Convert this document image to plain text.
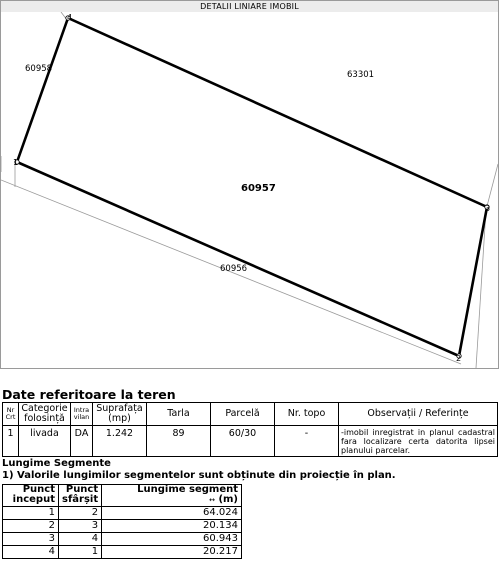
DETALII LINIARE IMOBIL
1
2
3
4
60957
63301
60958
60956
Date referitoare la teren
Nr Crt	Categorie folosință	Intra vilan	Suprafața (mp)	Tarla	Parcelă	Nr. topo	Observații / Referințe
1	livada	DA	1.242	89	60/30	-	-imobil inregistrat in planul cadastral fara localizare certa datorita lipsei planului parcelar.
Lungime Segmente
1) Valorile lungimilor segmentelor sunt obținute din proiecție în plan.
Punct inceput	Punct sfârșit	Lungime segment
↔ (m)
1	2	64.024
2	3	20.134
3	4	60.943
4	1	20.217
